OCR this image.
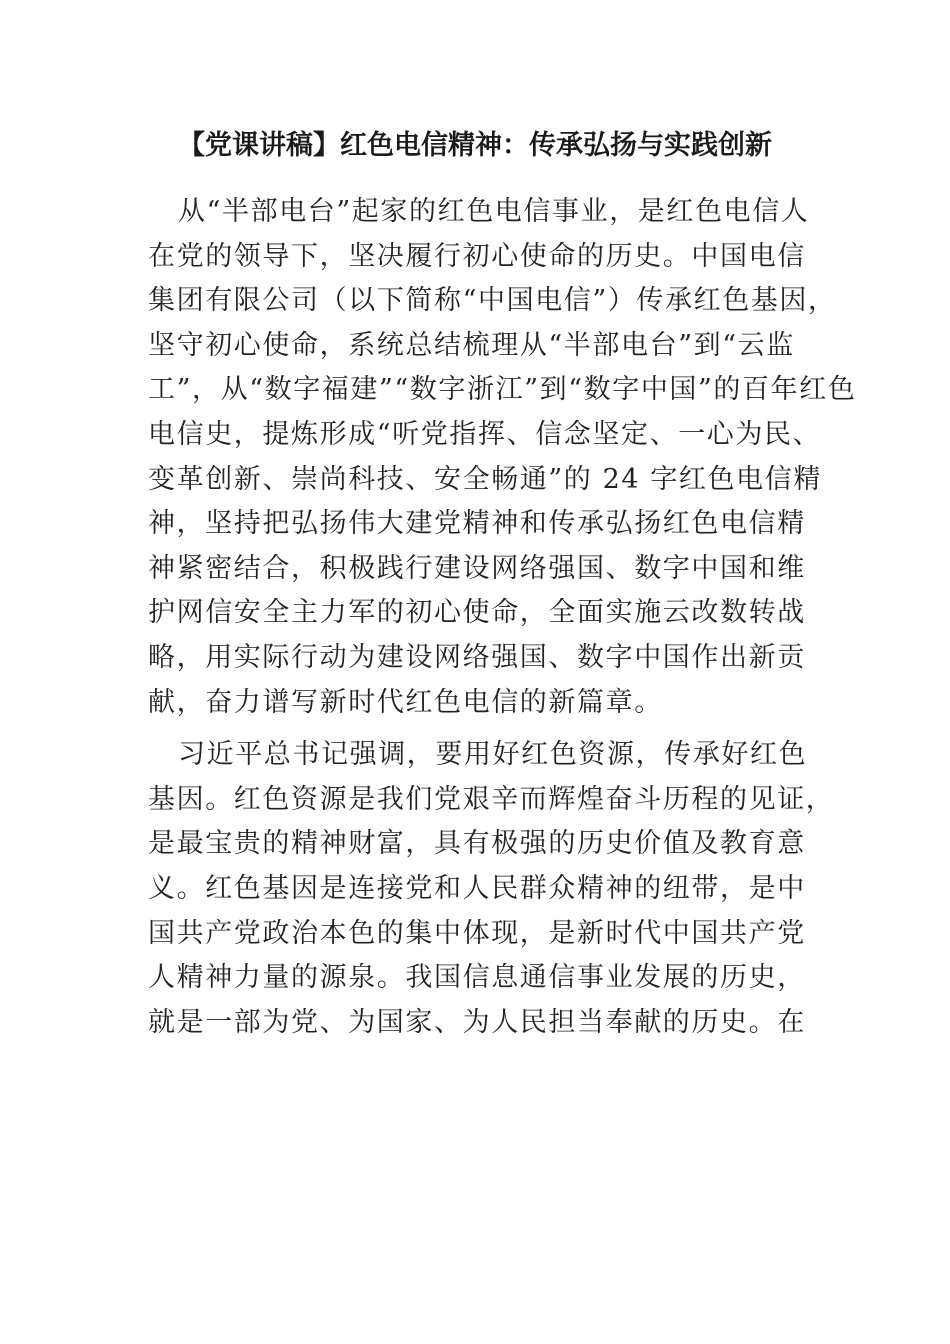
【党课讲稿】红色电信精神：传承弘扬与实践创新
从“半部电台”起家的红色电信事业，是红色电信人
在党的领导下，坚决履行初心使命的历史。中国电信
集团有限公司（以下简称“中国电信”）传承红色基因，
坚守初心使命，系统总结梳理从“半部电台”到“云监
工”，从“数字福建”“数字浙江”到“数字中国”的百年红色
电信史，提炼形成“听党指挥、信念坚定、一心为民、
变革创新、崇尚科技、安全畅通”的 24 字红色电信精
神，坚持把弘扬伟大建党精神和传承弘扬红色电信精
神紧密结合，积极践行建设网络强国、数字中国和维
护网信安全主力军的初心使命，全面实施云改数转战
略，用实际行动为建设网络强国、数字中国作出新贡
献，奋力谱写新时代红色电信的新篇章。
习近平总书记强调，要用好红色资源，传承好红色
基因。红色资源是我们党艰辛而辉煌奋斗历程的见证，
是最宝贵的精神财富，具有极强的历史价值及教育意
义。红色基因是连接党和人民群众精神的纽带，是中
国共产党政治本色的集中体现，是新时代中国共产党
人精神力量的源泉。我国信息通信事业发展的历史，
就是一部为党、为国家、为人民担当奉献的历史。在
